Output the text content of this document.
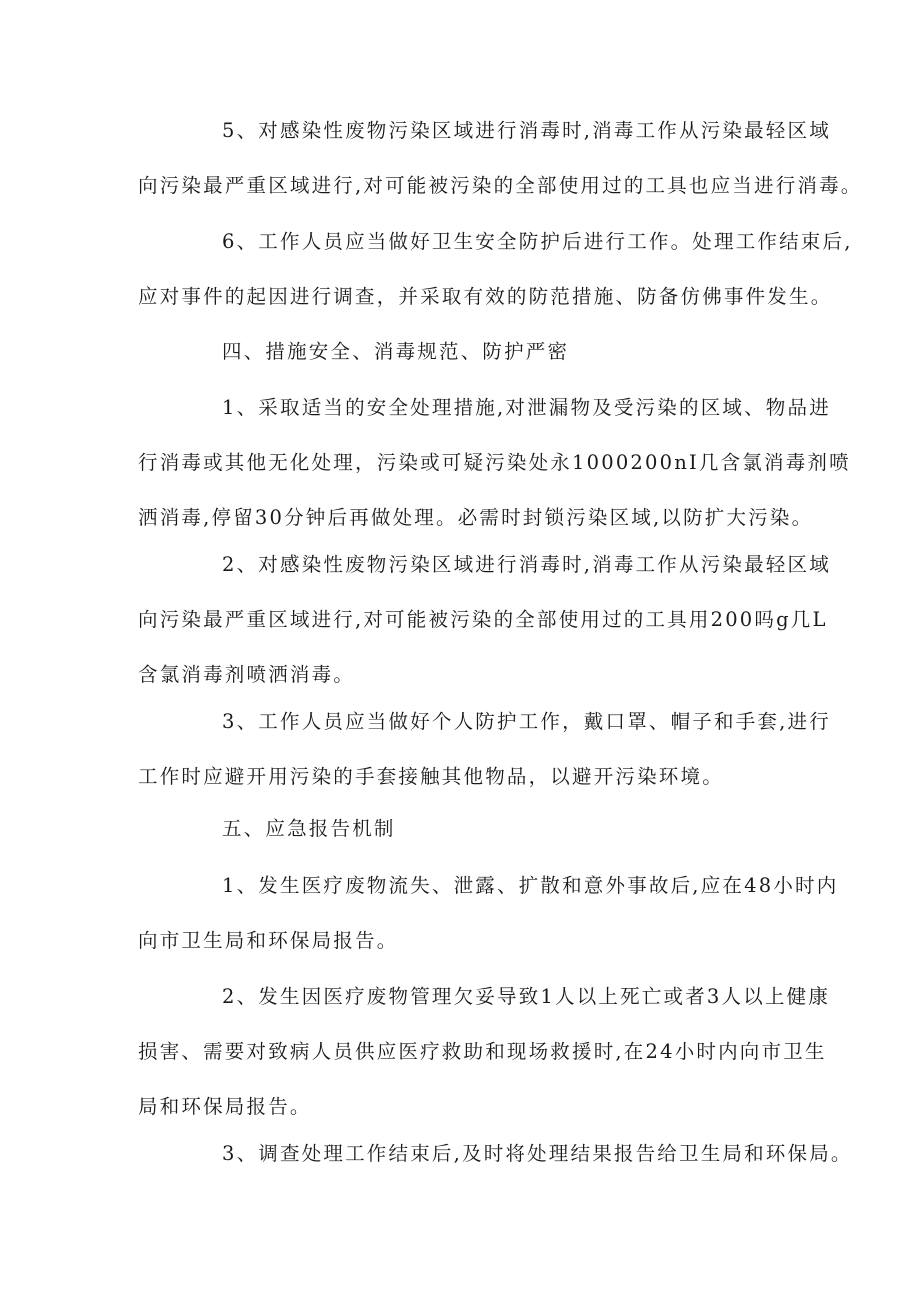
5、对感染性废物污染区域进行消毒时,消毒工作从污染最轻区域
向污染最严重区域进行,对可能被污染的全部使用过的工具也应当进行消毒。
6、工作人员应当做好卫生安全防护后进行工作。处理工作结束后,
应对事件的起因进行调查，并采取有效的防范措施、防备仿佛事件发生。
四、措施安全、消毒规范、防护严密
1、采取适当的安全处理措施,对泄漏物及受污染的区域、物品进
行消毒或其他无化处理，污染或可疑污染处永1000200nI几含氯消毒剂喷
洒消毒,停留30分钟后再做处理。必需时封锁污染区域,以防扩大污染。
2、对感染性废物污染区域进行消毒时,消毒工作从污染最轻区域
向污染最严重区域进行,对可能被污染的全部使用过的工具用200吗g几L
含氯消毒剂喷洒消毒。
3、工作人员应当做好个人防护工作，戴口罩、帽子和手套,进行
工作时应避开用污染的手套接触其他物品，以避开污染环境。
五、应急报告机制
1、发生医疗废物流失、泄露、扩散和意外事故后,应在48小时内
向市卫生局和环保局报告。
2、发生因医疗废物管理欠妥导致1人以上死亡或者3人以上健康
损害、需要对致病人员供应医疗救助和现场救援时,在24小时内向市卫生
局和环保局报告。
3、调查处理工作结束后,及时将处理结果报告给卫生局和环保局。
